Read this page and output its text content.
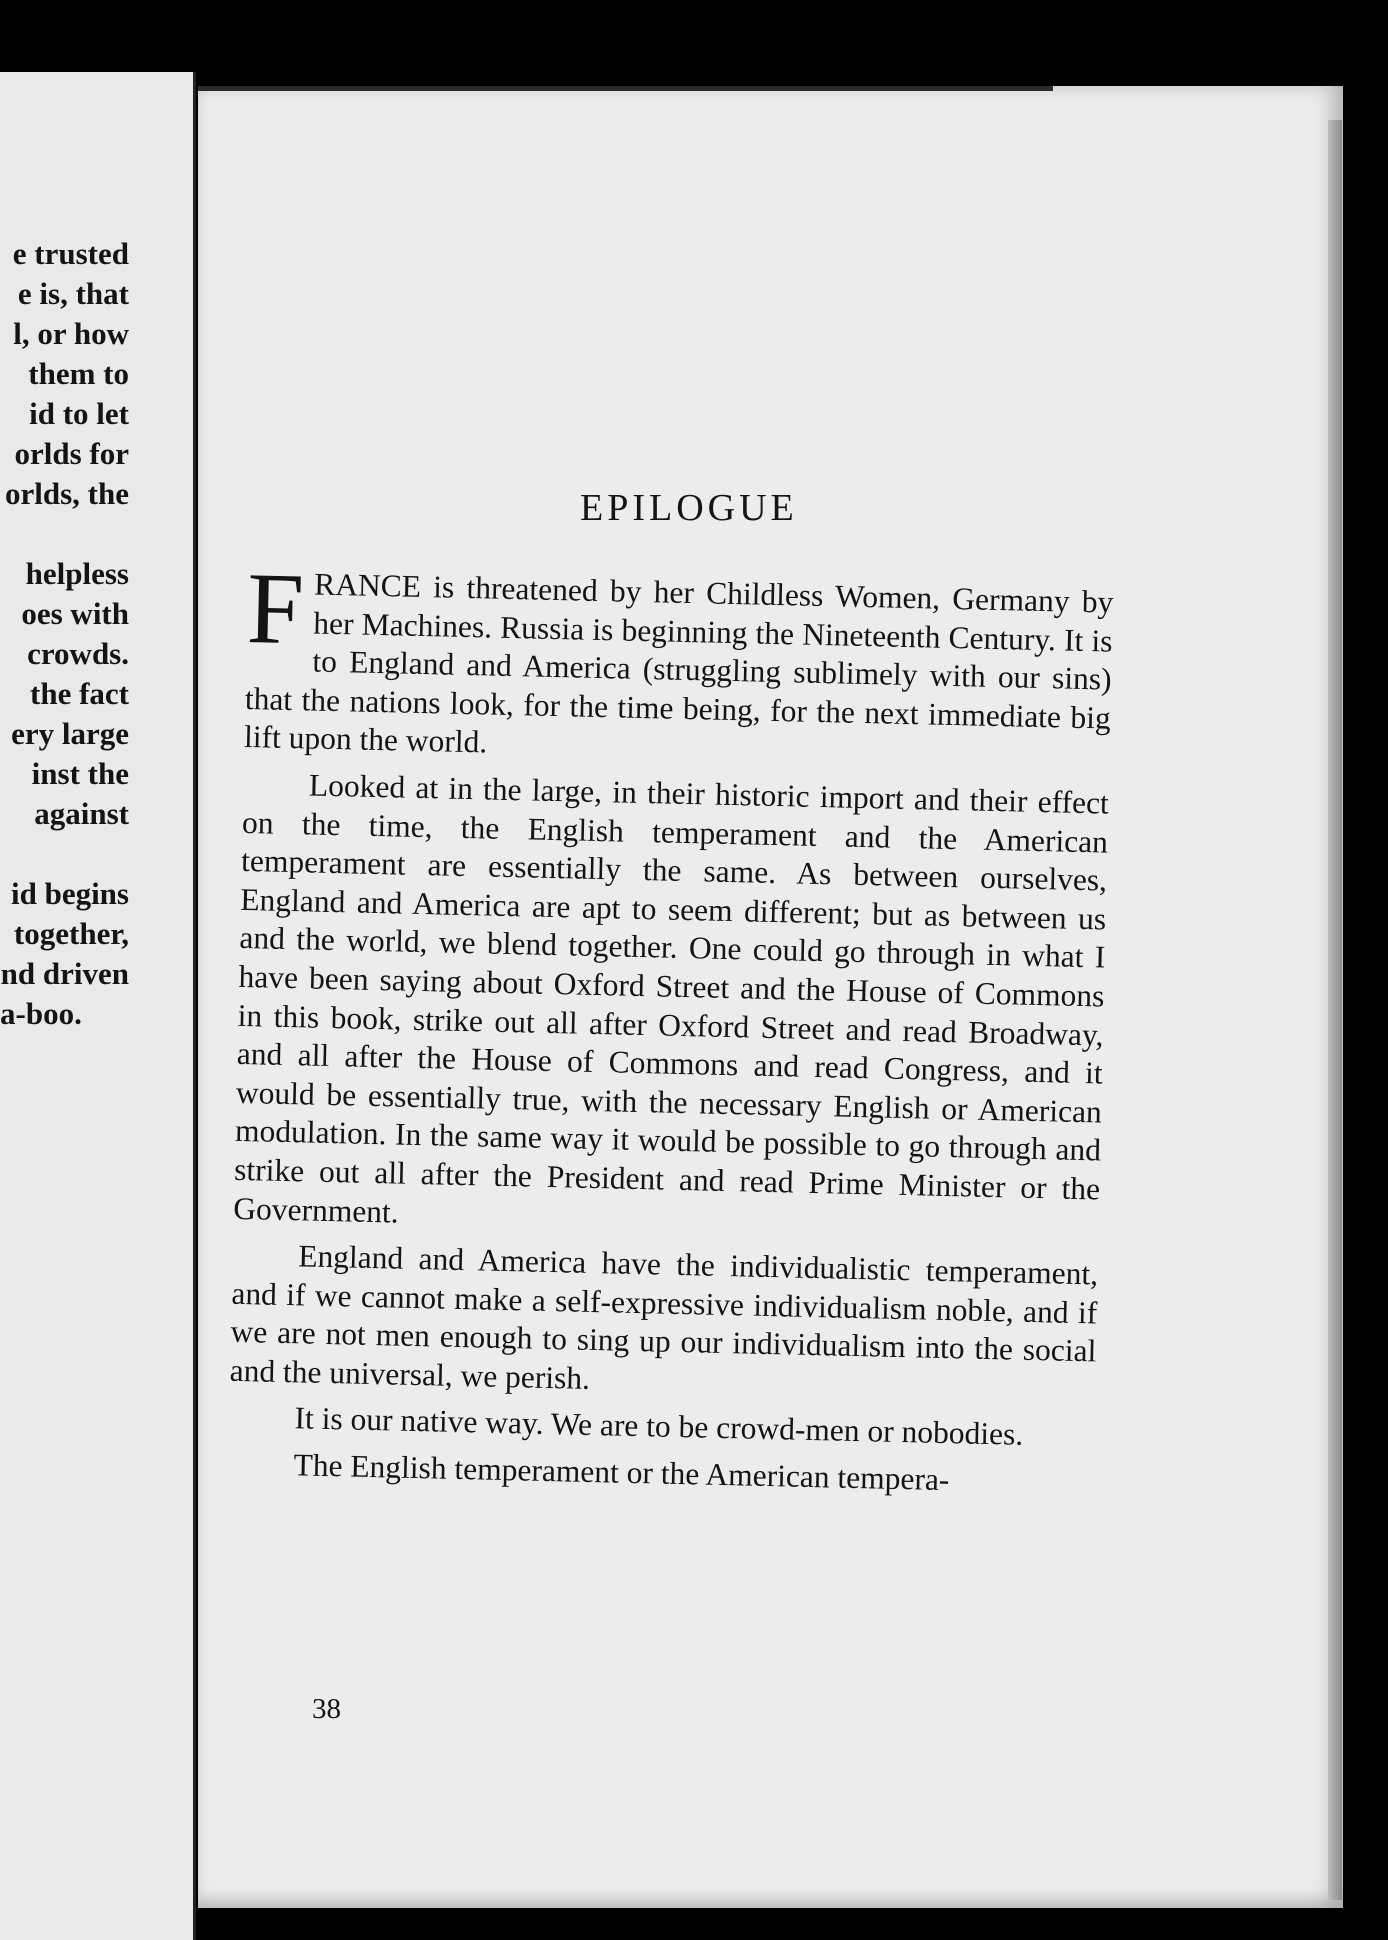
e trusted
e is, that
l, or how
them to
id to let
orlds for
orlds, the
helpless
oes with
crowds.
the fact
ery large
inst the
against
id begins
together,
nd driven
a-boo.
EPILOGUE

FRANCE is threatened by her Childless Women, Germany by her Machines. Russia is beginning the Nineteenth Century. It is to England and America (struggling sublimely with our sins) that the nations look, for the time being, for the next immediate big lift upon the world.

Looked at in the large, in their historic import and their effect on the time, the English temperament and the American temperament are essentially the same. As between ourselves, England and America are apt to seem different; but as between us and the world, we blend together. One could go through in what I have been saying about Oxford Street and the House of Commons in this book, strike out all after Oxford Street and read Broadway, and all after the House of Commons and read Congress, and it would be essentially true, with the necessary English or American modulation. In the same way it would be possible to go through and strike out all after the President and read Prime Minister or the Government.

England and America have the individualistic temperament, and if we cannot make a self-expressive individualism noble, and if we are not men enough to sing up our individualism into the social and the universal, we perish.

It is our native way. We are to be crowd-men or nobodies.

The English temperament or the American tempera-

38
